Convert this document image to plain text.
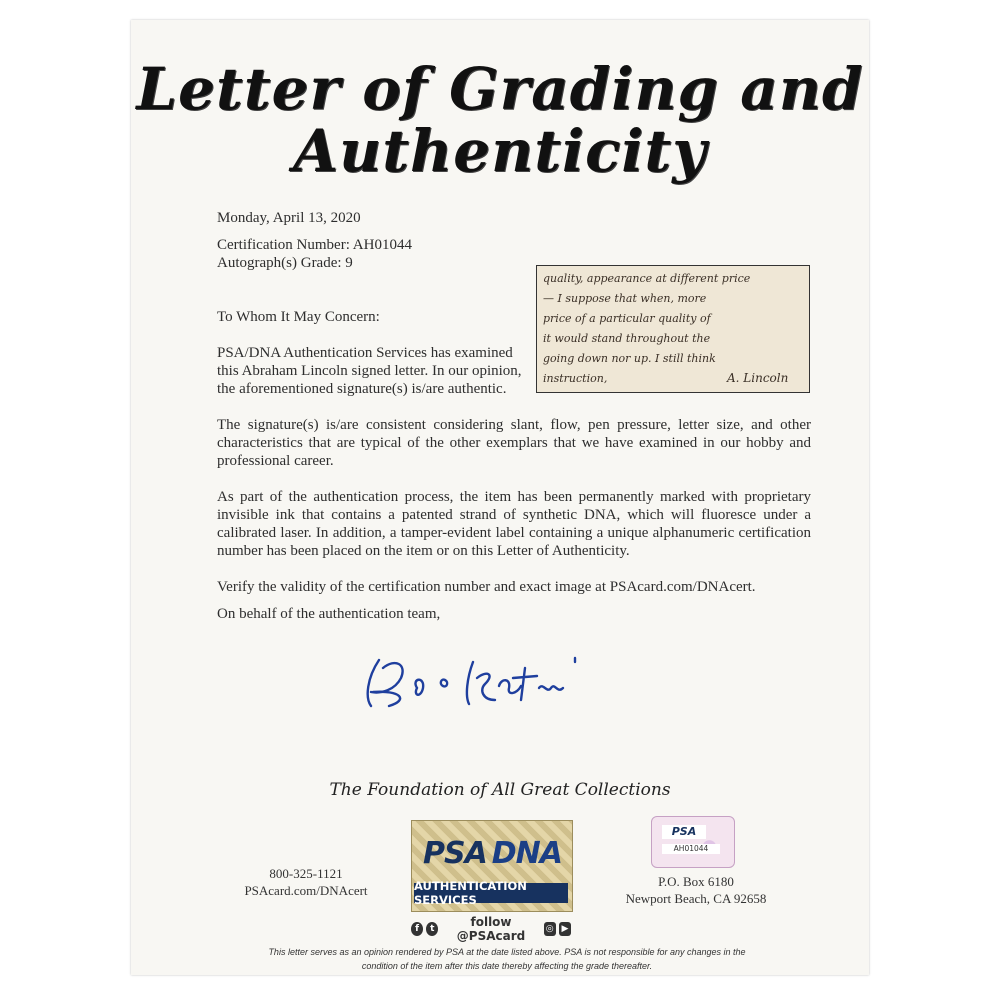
Letter of Grading and
Authenticity
Monday, April 13, 2020
Certification Number: AH01044
Autograph(s) Grade: 9
To Whom It May Concern:
PSA/DNA Authentication Services has examined
this Abraham Lincoln signed letter. In our opinion,
the aforementioned signature(s) is/are authentic.
quality, appearance at different price
— I suppose that when, more
price of a particular quality of
it would stand throughout the
going down nor up. I still think
instruction,	A. Lincoln

The signature(s) is/are consistent considering slant, flow, pen pressure, letter size, and other characteristics that are typical of the other exemplars that we have examined in our hobby and professional career.

As part of the authentication process, the item has been permanently marked with proprietary invisible ink that contains a patented strand of synthetic DNA, which will fluoresce under a calibrated laser. In addition, a tamper-evident label containing a unique alphanumeric certification number has been placed on the item or on this Letter of Authenticity.

Verify the validity of the certification number and exact image at PSAcard.com/DNAcert.

On behalf of the authentication team,

The Foundation of All Great Collections
800-325-1121
PSAcard.com/DNAcert
PSA DNA
AUTHENTICATION SERVICES
f	t	follow @PSAcard	◎ ▶
PSA
AH01044
P.O. Box 6180
Newport Beach, CA 92658
This letter serves as an opinion rendered by PSA at the date listed above. PSA is not responsible for any changes in the
condition of the item after this date thereby affecting the grade thereafter.
